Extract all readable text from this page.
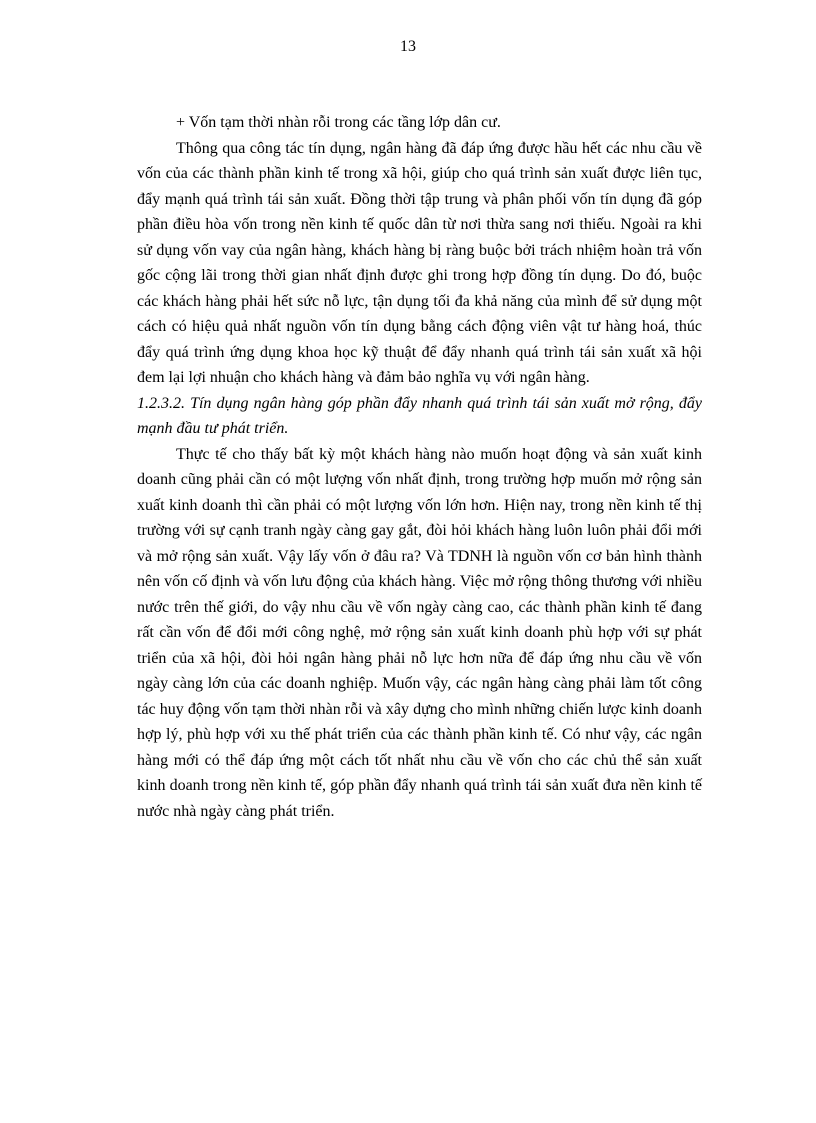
13

+ Vốn tạm thời nhàn rỗi trong các tầng lớp dân cư.

Thông qua công tác tín dụng, ngân hàng đã đáp ứng được hầu hết các nhu cầu về vốn của các thành phần kinh tế trong xã hội, giúp cho quá trình sản xuất được liên tục, đẩy mạnh quá trình tái sản xuất. Đồng thời tập trung và phân phối vốn tín dụng đã góp phần điều hòa vốn trong nền kinh tế quốc dân từ nơi thừa sang nơi thiếu. Ngoài ra khi sử dụng vốn vay của ngân hàng, khách hàng bị ràng buộc bởi trách nhiệm hoàn trả vốn gốc cộng lãi trong thời gian nhất định được ghi trong hợp đồng tín dụng. Do đó, buộc các khách hàng phải hết sức nỗ lực, tận dụng tối đa khả năng của mình để sử dụng một cách có hiệu quả nhất nguồn vốn tín dụng bằng cách động viên vật tư hàng hoá, thúc đẩy quá trình ứng dụng khoa học kỹ thuật để đẩy nhanh quá trình tái sản xuất xã hội đem lại lợi nhuận cho khách hàng và đảm bảo nghĩa vụ với ngân hàng.

1.2.3.2. Tín dụng ngân hàng góp phần đẩy nhanh quá trình tái sản xuất mở rộng, đẩy mạnh đầu tư phát triển.

Thực tế cho thấy bất kỳ một khách hàng nào muốn hoạt động và sản xuất kinh doanh cũng phải cần có một lượng vốn nhất định, trong trường hợp muốn mở rộng sản xuất kinh doanh thì cần phải có một lượng vốn lớn hơn. Hiện nay, trong nền kinh tế thị trường với sự cạnh tranh ngày càng gay gắt, đòi hỏi khách hàng luôn luôn phải đổi mới và mở rộng sản xuất. Vậy lấy vốn ở đâu ra? Và TDNH là nguồn vốn cơ bản hình thành nên vốn cố định và vốn lưu động của khách hàng. Việc mở rộng thông thương với nhiều nước trên thế giới, do vậy nhu cầu về vốn ngày càng cao, các thành phần kinh tế đang rất cần vốn để đổi mới công nghệ, mở rộng sản xuất kinh doanh phù hợp với sự phát triển của xã hội, đòi hỏi ngân hàng phải nỗ lực hơn nữa để đáp ứng nhu cầu về vốn ngày càng lớn của các doanh nghiệp. Muốn vậy, các ngân hàng càng phải làm tốt công tác huy động vốn tạm thời nhàn rỗi và xây dựng cho mình những chiến lược kinh doanh hợp lý, phù hợp với xu thế phát triển của các thành phần kinh tế. Có như vậy, các ngân hàng mới có thể đáp ứng một cách tốt nhất nhu cầu về vốn cho các chủ thể sản xuất kinh doanh trong nền kinh tế, góp phần đẩy nhanh quá trình tái sản xuất đưa nền kinh tế nước nhà ngày càng phát triển.
